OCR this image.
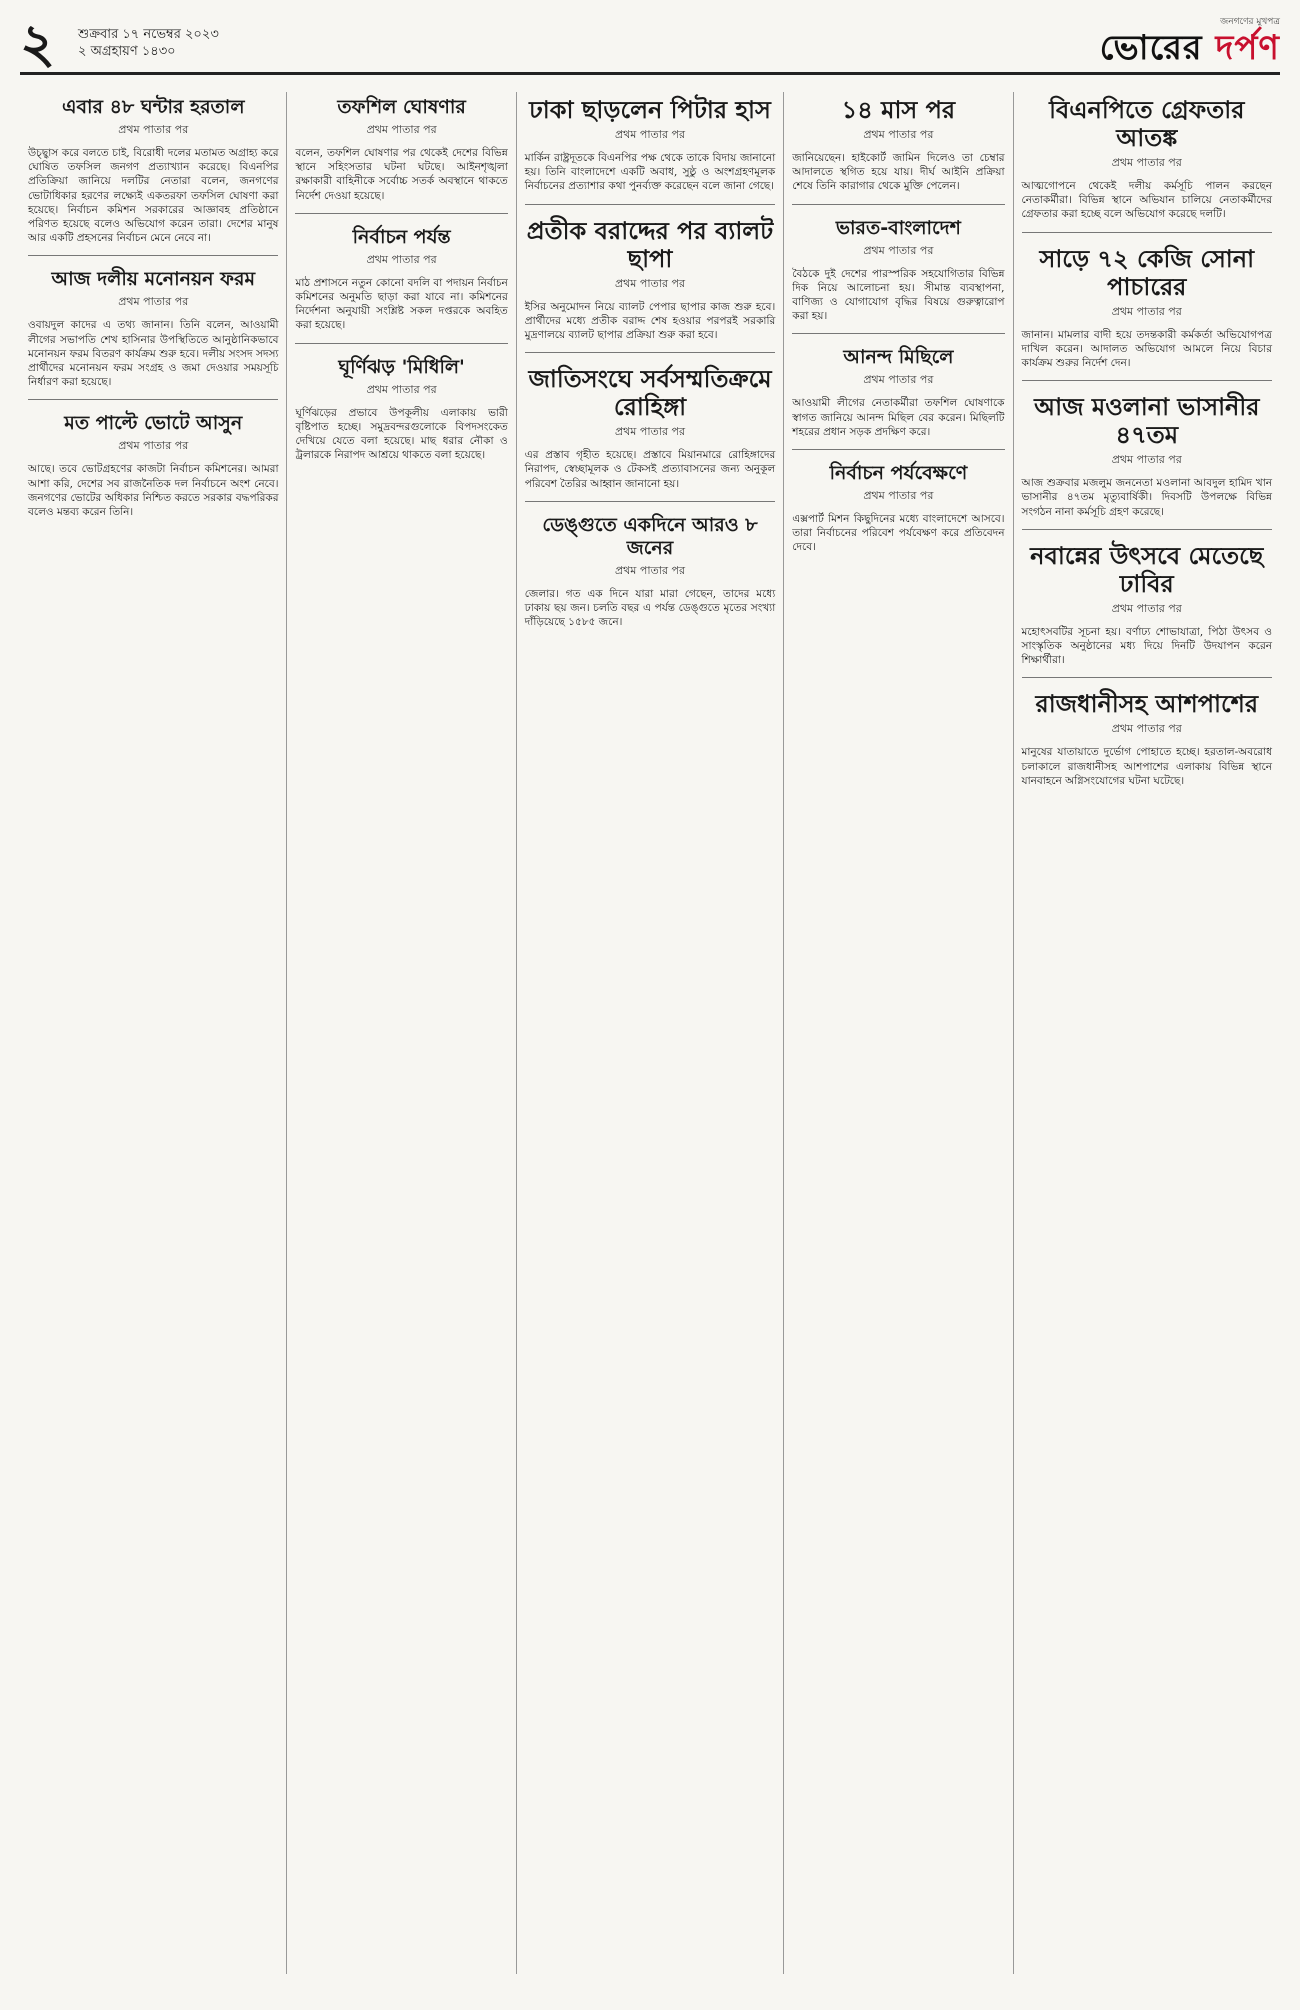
২ শুক্রবার ১৭ নভেম্বর ২০২৩
২ অগ্রহায়ণ ১৪৩০
জনগণের মুখপত্র
ভোরের দর্পণ
এবার ৪৮ ঘন্টার হরতাল
প্রথম পাতার পর
উচ্ছ্বাস করে বলতে চাই, বিরোধী দলের মতামত অগ্রাহ্য করে ঘোষিত তফসিল জনগণ প্রত্যাখ্যান করেছে। বিএনপির প্রতিক্রিয়া জানিয়ে দলটির নেতারা বলেন, জনগণের ভোটাধিকার হরণের লক্ষ্যেই একতরফা তফসিল ঘোষণা করা হয়েছে। নির্বাচন কমিশন সরকারের আজ্ঞাবহ প্রতিষ্ঠানে পরিণত হয়েছে বলেও অভিযোগ করেন তারা। দেশের মানুষ আর একটি প্রহসনের নির্বাচন মেনে নেবে না।
আজ দলীয় মনোনয়ন ফরম
প্রথম পাতার পর
ওবায়দুল কাদের এ তথ্য জানান। তিনি বলেন, আওয়ামী লীগের সভাপতি শেখ হাসিনার উপস্থিতিতে আনুষ্ঠানিকভাবে মনোনয়ন ফরম বিতরণ কার্যক্রম শুরু হবে। দলীয় সংসদ সদস্য প্রার্থীদের মনোনয়ন ফরম সংগ্রহ ও জমা দেওয়ার সময়সূচি নির্ধারণ করা হয়েছে।
মত পাল্টে ভোটে আসুন
প্রথম পাতার পর
আছে। তবে ভোটগ্রহণের কাজটা নির্বাচন কমিশনের। আমরা আশা করি, দেশের সব রাজনৈতিক দল নির্বাচনে অংশ নেবে। জনগণের ভোটের অধিকার নিশ্চিত করতে সরকার বদ্ধপরিকর বলেও মন্তব্য করেন তিনি।
তফশিল ঘোষণার
প্রথম পাতার পর
বলেন, তফশিল ঘোষণার পর থেকেই দেশের বিভিন্ন স্থানে সহিংসতার ঘটনা ঘটছে। আইনশৃঙ্খলা রক্ষাকারী বাহিনীকে সর্বোচ্চ সতর্ক অবস্থানে থাকতে নির্দেশ দেওয়া হয়েছে।
নির্বাচন পর্যন্ত
প্রথম পাতার পর
মাঠ প্রশাসনে নতুন কোনো বদলি বা পদায়ন নির্বাচন কমিশনের অনুমতি ছাড়া করা যাবে না। কমিশনের নির্দেশনা অনুযায়ী সংশ্লিষ্ট সকল দপ্তরকে অবহিত করা হয়েছে।
ঘূর্ণিঝড় 'মিধিলি'
প্রথম পাতার পর
ঘূর্ণিঝড়ের প্রভাবে উপকূলীয় এলাকায় ভারী বৃষ্টিপাত হচ্ছে। সমুদ্রবন্দরগুলোকে বিপদসংকেত দেখিয়ে যেতে বলা হয়েছে। মাছ ধরার নৌকা ও ট্রলারকে নিরাপদ আশ্রয়ে থাকতে বলা হয়েছে।
ঢাকা ছাড়লেন পিটার হাস
প্রথম পাতার পর
মার্কিন রাষ্ট্রদূতকে বিএনপির পক্ষ থেকে তাকে বিদায় জানানো হয়। তিনি বাংলাদেশে একটি অবাধ, সুষ্ঠু ও অংশগ্রহণমূলক নির্বাচনের প্রত্যাশার কথা পুনর্ব্যক্ত করেছেন বলে জানা গেছে।
প্রতীক বরাদ্দের পর ব্যালট ছাপা
প্রথম পাতার পর
ইসির অনুমোদন নিয়ে ব্যালট পেপার ছাপার কাজ শুরু হবে। প্রার্থীদের মধ্যে প্রতীক বরাদ্দ শেষ হওয়ার পরপরই সরকারি মুদ্রণালয়ে ব্যালট ছাপার প্রক্রিয়া শুরু করা হবে।
জাতিসংঘে সর্বসম্মতিক্রমে রোহিঙ্গা
প্রথম পাতার পর
এর প্রস্তাব গৃহীত হয়েছে। প্রস্তাবে মিয়ানমারে রোহিঙ্গাদের নিরাপদ, স্বেচ্ছামূলক ও টেকসই প্রত্যাবাসনের জন্য অনুকূল পরিবেশ তৈরির আহ্বান জানানো হয়।
ডেঙ্গুতে একদিনে আরও ৮ জনের
প্রথম পাতার পর
জেলার। গত এক দিনে যারা মারা গেছেন, তাদের মধ্যে ঢাকায় ছয় জন। চলতি বছর এ পর্যন্ত ডেঙ্গুতে মৃতের সংখ্যা দাঁড়িয়েছে ১৫৮৫ জনে।
১৪ মাস পর
প্রথম পাতার পর
জানিয়েছেন। হাইকোর্ট জামিন দিলেও তা চেম্বার আদালতে স্থগিত হয়ে যায়। দীর্ঘ আইনি প্রক্রিয়া শেষে তিনি কারাগার থেকে মুক্তি পেলেন।
ভারত-বাংলাদেশ
প্রথম পাতার পর
বৈঠকে দুই দেশের পারস্পরিক সহযোগিতার বিভিন্ন দিক নিয়ে আলোচনা হয়। সীমান্ত ব্যবস্থাপনা, বাণিজ্য ও যোগাযোগ বৃদ্ধির বিষয়ে গুরুত্বারোপ করা হয়।
আনন্দ মিছিলে
প্রথম পাতার পর
আওয়ামী লীগের নেতাকর্মীরা তফশিল ঘোষণাকে স্বাগত জানিয়ে আনন্দ মিছিল বের করেন। মিছিলটি শহরের প্রধান সড়ক প্রদক্ষিণ করে।
নির্বাচন পর্যবেক্ষণে
প্রথম পাতার পর
এক্সপার্ট মিশন কিছুদিনের মধ্যে বাংলাদেশে আসবে। তারা নির্বাচনের পরিবেশ পর্যবেক্ষণ করে প্রতিবেদন দেবে।
বিএনপিতে গ্রেফতার আতঙ্ক
প্রথম পাতার পর
আত্মগোপনে থেকেই দলীয় কর্মসূচি পালন করছেন নেতাকর্মীরা। বিভিন্ন স্থানে অভিযান চালিয়ে নেতাকর্মীদের গ্রেফতার করা হচ্ছে বলে অভিযোগ করেছে দলটি।
সাড়ে ৭২ কেজি সোনা পাচারের
প্রথম পাতার পর
জানান। মামলার বাদী হয়ে তদন্তকারী কর্মকর্তা অভিযোগপত্র দাখিল করেন। আদালত অভিযোগ আমলে নিয়ে বিচার কার্যক্রম শুরুর নির্দেশ দেন।
আজ মওলানা ভাসানীর ৪৭তম
প্রথম পাতার পর
আজ শুক্রবার মজলুম জননেতা মওলানা আবদুল হামিদ খান ভাসানীর ৪৭তম মৃত্যুবার্ষিকী। দিবসটি উপলক্ষে বিভিন্ন সংগঠন নানা কর্মসূচি গ্রহণ করেছে।
নবান্নের উৎসবে মেতেছে ঢাবির
প্রথম পাতার পর
মহোৎসবটির সূচনা হয়। বর্ণাঢ্য শোভাযাত্রা, পিঠা উৎসব ও সাংস্কৃতিক অনুষ্ঠানের মধ্য দিয়ে দিনটি উদযাপন করেন শিক্ষার্থীরা।
রাজধানীসহ আশপাশের
প্রথম পাতার পর
মানুষের যাতায়াতে দুর্ভোগ পোহাতে হচ্ছে। হরতাল-অবরোধ চলাকালে রাজধানীসহ আশপাশের এলাকায় বিভিন্ন স্থানে যানবাহনে অগ্নিসংযোগের ঘটনা ঘটেছে।
